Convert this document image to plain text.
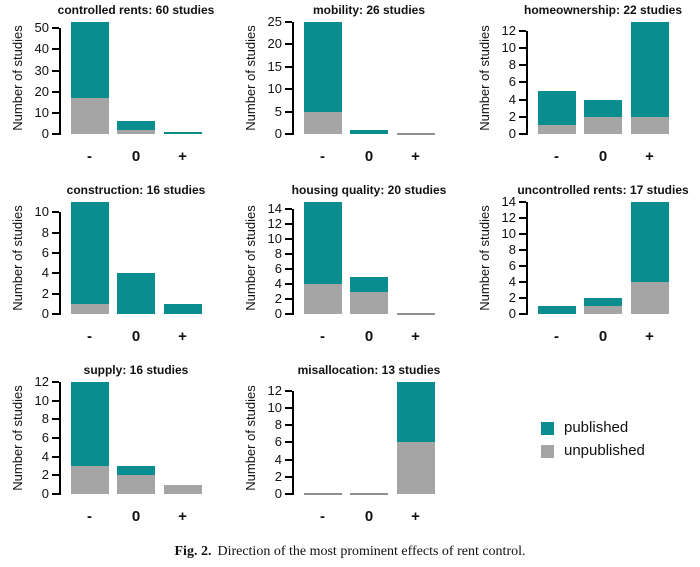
controlled rents: 60 studies
Number of studies
0
10
20
30
40
50
-	0	+
mobility: 26 studies
Number of studies
0
5
10
15
20
25
-	0	+
homeownership: 22 studies
Number of studies
0
2
4
6
8
10
12
-	0	+
construction: 16 studies
Number of studies
0
2
4
6
8
10
-	0	+
housing quality: 20 studies
Number of studies
0
2
4
6
8
10
12
14
-	0	+
uncontrolled rents: 17 studies
Number of studies
0
2
4
6
8
10
12
14
-	0	+
supply: 16 studies
Number of studies
0
2
4
6
8
10
12
-	0	+
misallocation: 13 studies
Number of studies
0
2
4
6
8
10
12
-	0	+
published
unpublished
Fig. 2. Direction of the most prominent effects of rent control.
